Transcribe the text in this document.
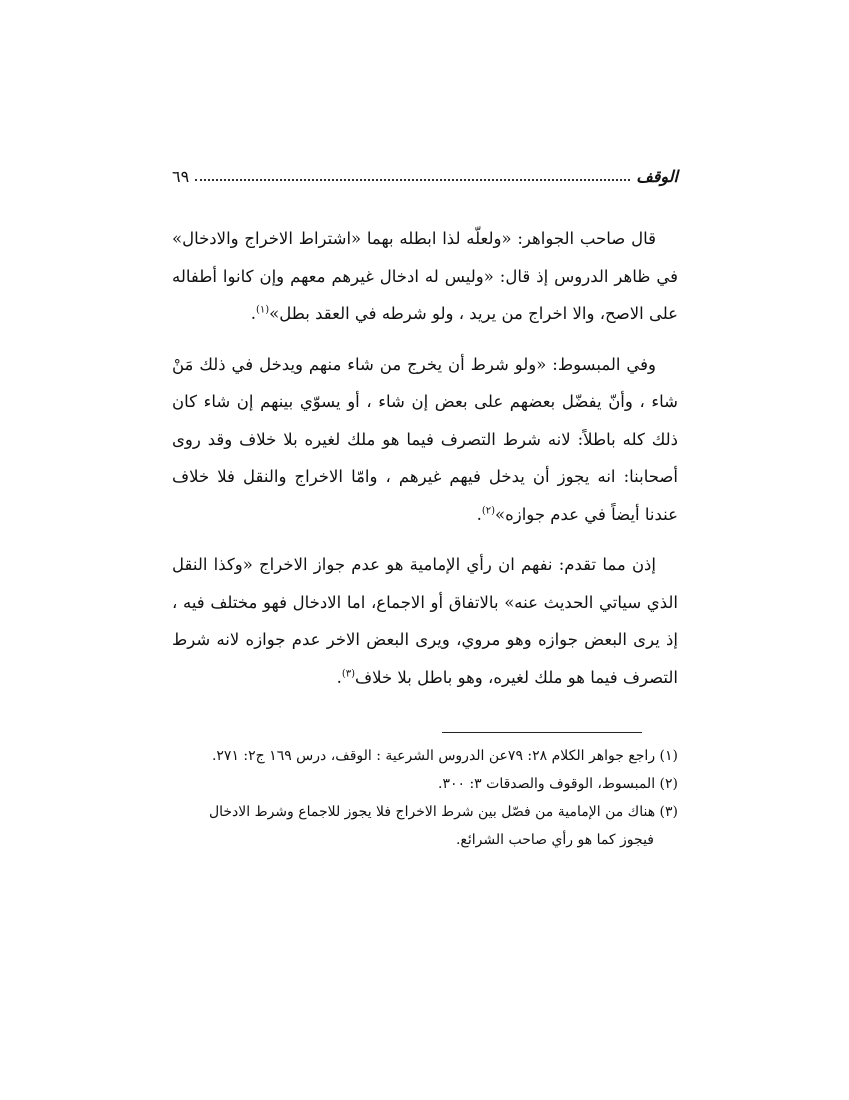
الوقف
٦٩

قال صاحب الجواهر: «ولعلّه لذا ابطله بهما «اشتراط الاخراج والادخال» في ظاهر الدروس إذ قال: «وليس له ادخال غيرهم معهم وإن كانوا أطفاله على الاصح، والا اخراج من يريد ، ولو شرطه في العقد بطل»$^{(١)}$.

وفي المبسوط: «ولو شرط أن يخرج من شاء منهم ويدخل في ذلك مَنْ شاء ، وأنّ يفضّل بعضهم على بعض إن شاء ، أو يسوّي بينهم إن شاء كان ذلك كله باطلاً: لانه شرط التصرف فيما هو ملك لغيره بلا خلاف وقد روى أصحابنا: انه يجوز أن يدخل فيهم غيرهم ، وامّا الاخراج والنقل فلا خلاف عندنا أيضاً في عدم جوازه»$^{(٢)}$.

إذن مما تقدم: نفهم ان رأي الإمامية هو عدم جواز الاخراج «وكذا النقل الذي سياتي الحديث عنه» بالاتفاق أو الاجماع، اما الادخال فهو مختلف فيه ، إذ يرى البعض جوازه وهو مروي، ويرى البعض الاخر عدم جوازه لانه شرط التصرف فيما هو ملك لغيره، وهو باطل بلا خلاف$^{(٣)}$.

(١) راجع جواهر الكلام ٢٨: ٧٩عن الدروس الشرعية : الوقف، درس ١٦٩ ج٢: ٢٧١.

(٢) المبسوط، الوقوف والصدقات ٣: ٣٠٠.

(٣) هناك من الإمامية من فصّل بين شرط الاخراج فلا يجوز للاجماع وشرط الادخال

فيجوز كما هو رأي صاحب الشرائع.
